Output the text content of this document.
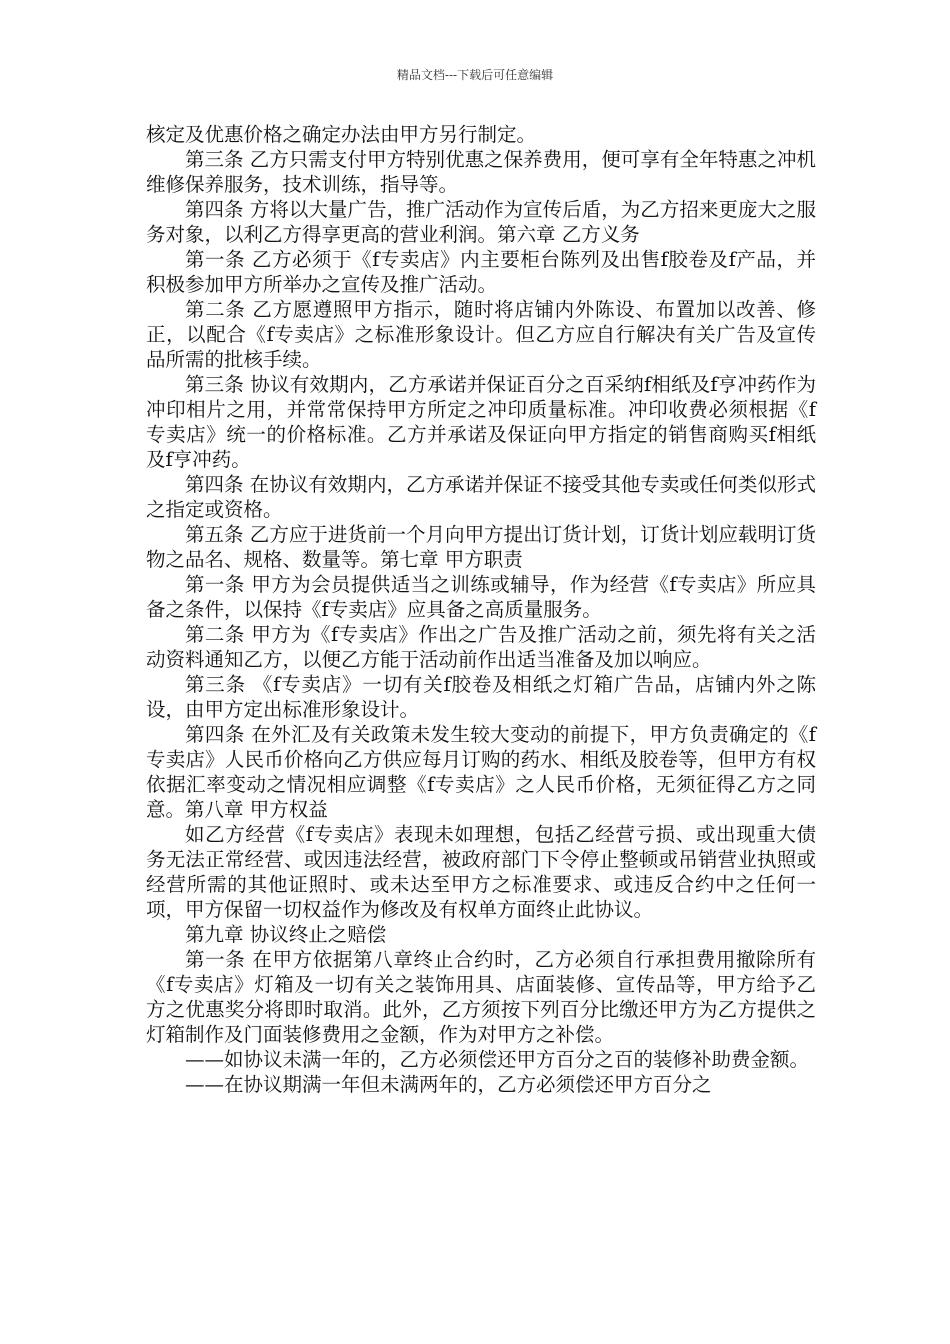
精品文档---下载后可任意编辑

核定及优惠价格之确定办法由甲方另行制定。

第三条 乙方只需支付甲方特别优惠之保养费用，便可享有全年特惠之冲机维修保养服务，技术训练，指导等。

第四条 方将以大量广告，推广活动作为宣传后盾，为乙方招来更庞大之服务对象，以利乙方得享更高的营业利润。第六章 乙方义务

第一条 乙方必须于《f专卖店》内主要柜台陈列及出售f胶卷及f产品，并积极参加甲方所举办之宣传及推广活动。

第二条 乙方愿遵照甲方指示，随时将店铺内外陈设、布置加以改善、修正，以配合《f专卖店》之标准形象设计。但乙方应自行解决有关广告及宣传品所需的批核手续。

第三条 协议有效期内，乙方承诺并保证百分之百采纳f相纸及f亨冲药作为冲印相片之用，并常常保持甲方所定之冲印质量标准。冲印收费必须根据《f专卖店》统一的价格标准。乙方并承诺及保证向甲方指定的销售商购买f相纸及f亨冲药。

第四条 在协议有效期内，乙方承诺并保证不接受其他专卖或任何类似形式之指定或资格。

第五条 乙方应于进货前一个月向甲方提出订货计划，订货计划应载明订货物之品名、规格、数量等。第七章 甲方职责

第一条 甲方为会员提供适当之训练或辅导，作为经营《f专卖店》所应具备之条件，以保持《f专卖店》应具备之高质量服务。

第二条 甲方为《f专卖店》作出之广告及推广活动之前，须先将有关之活动资料通知乙方，以便乙方能于活动前作出适当准备及加以响应。

第三条 《f专卖店》一切有关f胶卷及相纸之灯箱广告品，店铺内外之陈设，由甲方定出标准形象设计。

第四条 在外汇及有关政策未发生较大变动的前提下，甲方负责确定的《f专卖店》人民币价格向乙方供应每月订购的药水、相纸及胶卷等，但甲方有权依据汇率变动之情况相应调整《f专卖店》之人民币价格，无须征得乙方之同意。第八章 甲方权益

如乙方经营《f专卖店》表现未如理想，包括乙经营亏损、或出现重大债务无法正常经营、或因违法经营，被政府部门下令停止整顿或吊销营业执照或经营所需的其他证照时、或未达至甲方之标准要求、或违反合约中之任何一项，甲方保留一切权益作为修改及有权单方面终止此协议。

第九章 协议终止之赔偿

第一条 在甲方依据第八章终止合约时，乙方必须自行承担费用撤除所有《f专卖店》灯箱及一切有关之装饰用具、店面装修、宣传品等，甲方给予乙方之优惠奖分将即时取消。此外，乙方须按下列百分比缴还甲方为乙方提供之灯箱制作及门面装修费用之金额，作为对甲方之补偿。

——如协议未满一年的，乙方必须偿还甲方百分之百的装修补助费金额。

——在协议期满一年但未满两年的，乙方必须偿还甲方百分之
